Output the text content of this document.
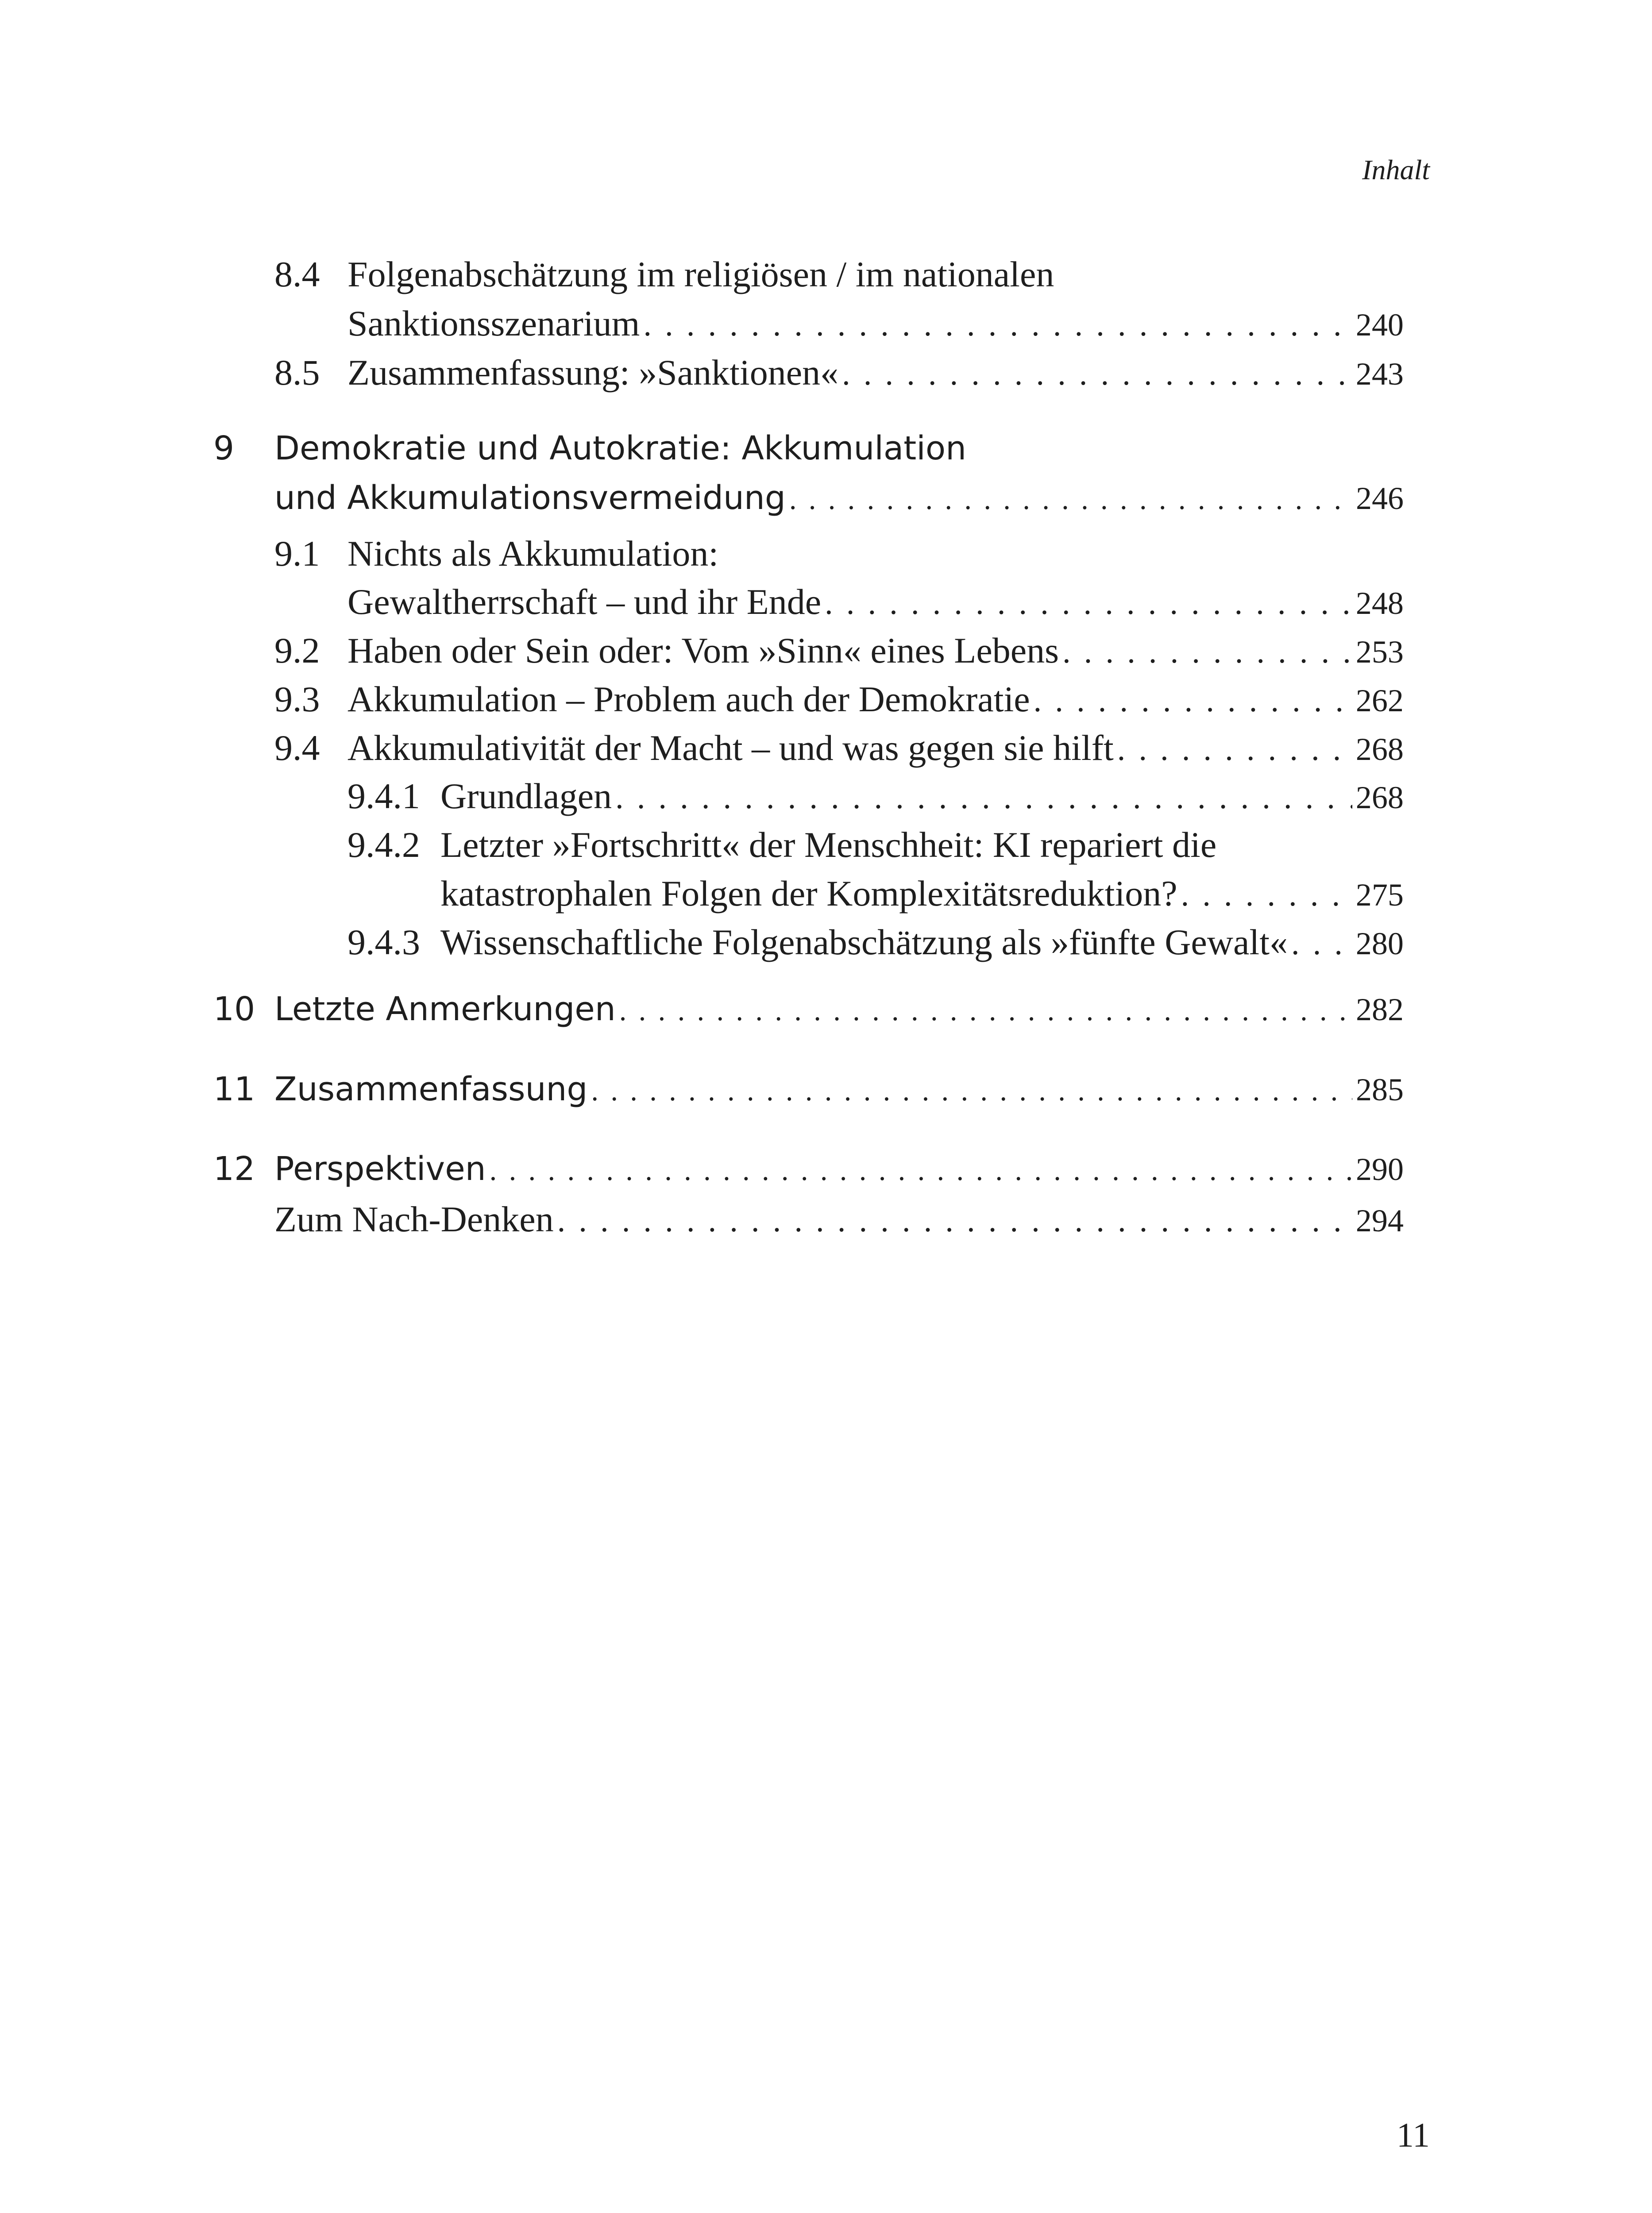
Inhalt
8.4 Folgenabschätzung im religiösen / im nationalen
Sanktionsszenarium . . .	240
8.5 Zusammenfassung: »Sanktionen« . . .	243
9 Demokratie und Autokratie: Akkumulation
und Akkumulationsvermeidung . . .	246
9.1 Nichts als Akkumulation:
Gewaltherrschaft – und ihr Ende . . .	248
9.2 Haben oder Sein oder: Vom »Sinn« eines Lebens . . .	253
9.3 Akkumulation – Problem auch der Demokratie . . .	262
9.4 Akkumulativität der Macht – und was gegen sie hilft . . .	268
9.4.1 Grundlagen . . .	268
9.4.2 Letzter »Fortschritt« der Menschheit: KI repariert die
katastrophalen Folgen der Komplexitätsreduktion? . . .	275
9.4.3 Wissenschaftliche Folgenabschätzung als »fünfte Gewalt« . . . 280
10 Letzte Anmerkungen . . .	282
11 Zusammenfassung . . .	285
12 Perspektiven . . .	290
Zum Nach-Denken . . .	294
11
